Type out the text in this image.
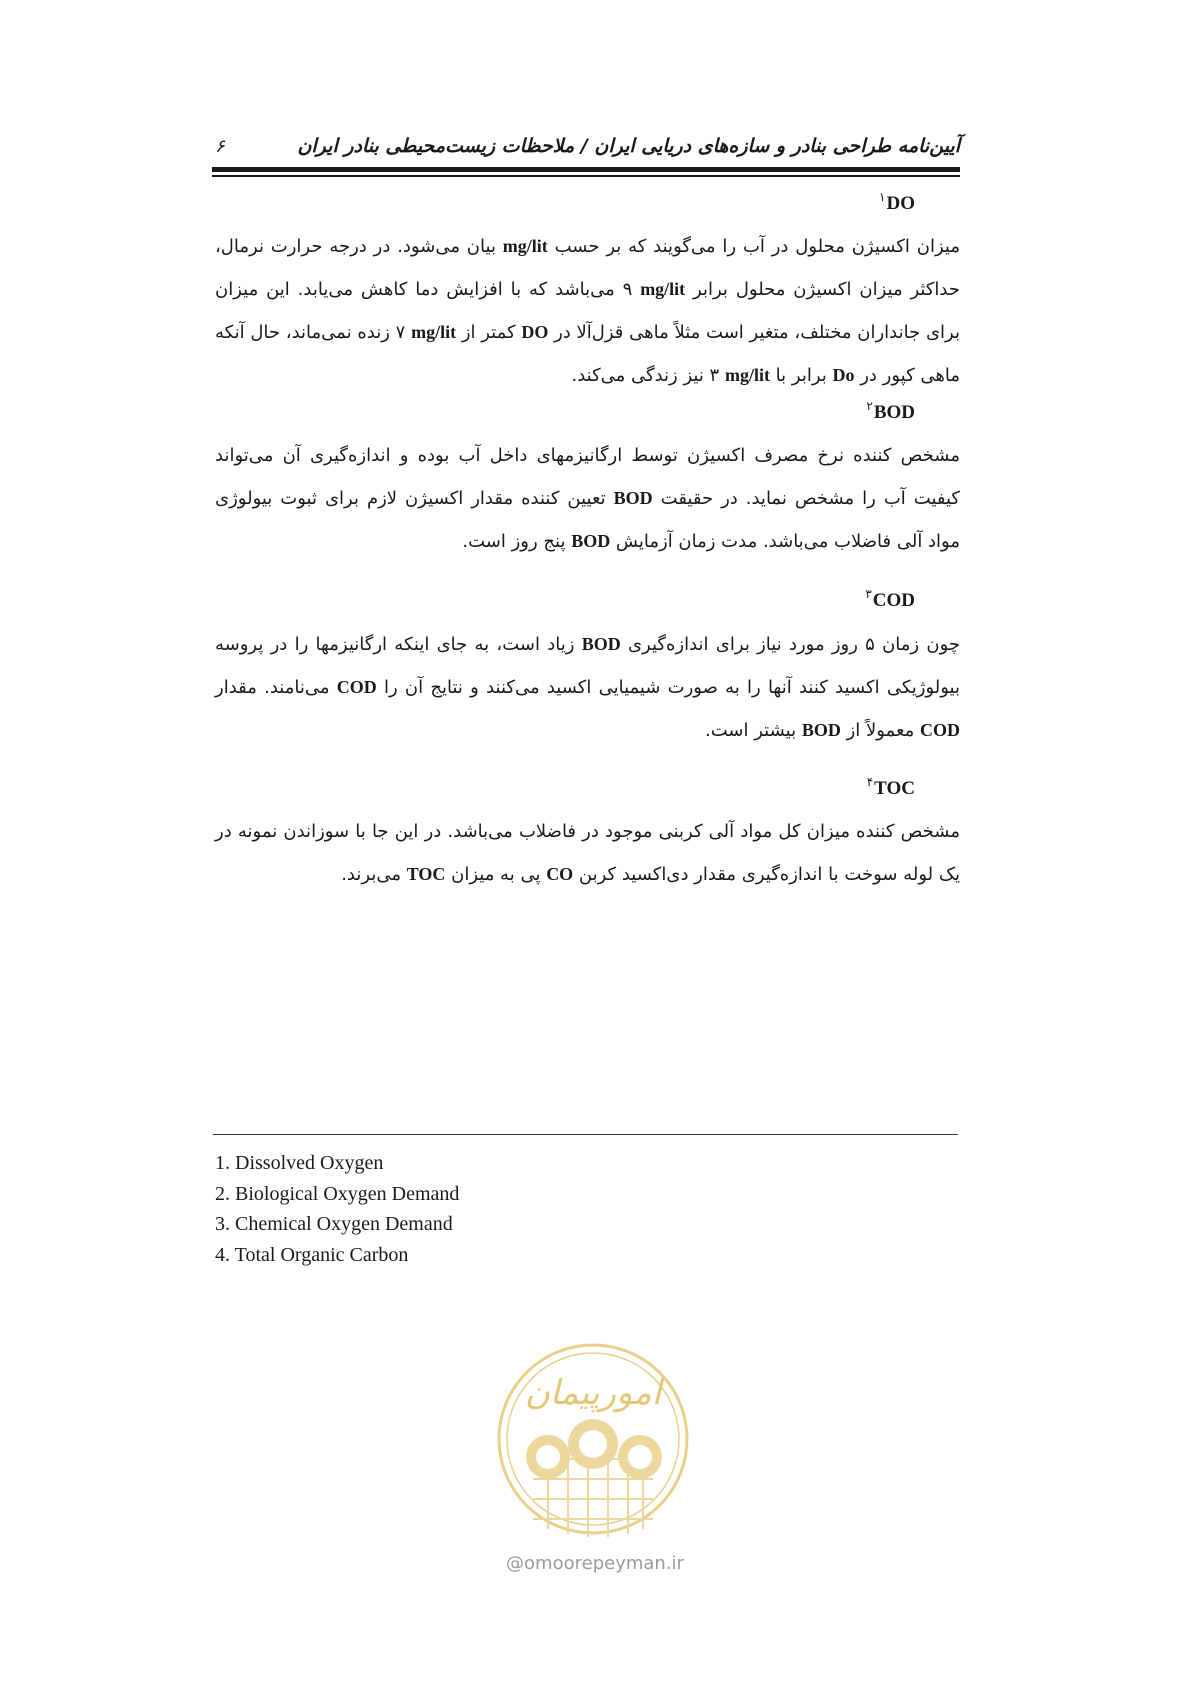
آیین‌نامه طراحی بنادر و سازه‌های دریایی ایران / ملاحظات زیست‌محیطی بنادر ایران
۶
$^۱$DO
میزان اکسیژن محلول در آب را می‌گویند که بر حسب mg/lit بیان می‌شود. در درجه حرارت نرمال، حداکثر میزان اکسیژن محلول برابر mg/lit ۹ می‌باشد که با افزایش دما کاهش می‌یابد. این میزان برای جانداران مختلف، متغیر است مثلاً ماهی قزل‌آلا در DO کمتر از mg/lit ۷ زنده نمی‌ماند، حال آنکه ماهی کپور در Do برابر با mg/lit ۳ نیز زندگی می‌کند.
$^۲$BOD
مشخص کننده نرخ مصرف اکسیژن توسط ارگانیزمهای داخل آب بوده و اندازه‌گیری آن می‌تواند کیفیت آب را مشخص نماید. در حقیقت BOD تعیین کننده مقدار اکسیژن لازم برای ثبوت بیولوژی مواد آلی فاضلاب می‌باشد. مدت زمان آزمایش BOD پنج روز است.
$^۳$COD
چون زمان ۵ روز مورد نیاز برای اندازه‌گیری BOD زیاد است، به جای اینکه ارگانیزمها را در پروسه بیولوژیکی اکسید کنند آنها را به صورت شیمیایی اکسید می‌کنند و نتایج آن را COD می‌نامند. مقدار COD معمولاً از BOD بیشتر است.
$^۴$TOC
مشخص کننده میزان کل مواد آلی کربنی موجود در فاضلاب می‌باشد. در این جا با سوزاندن نمونه در یک لوله سوخت با اندازه‌گیری مقدار دی‌اکسید کربن CO پی به میزان TOC می‌برند.
1. Dissolved Oxygen
2. Biological Oxygen Demand
3. Chemical Oxygen Demand
4. Total Organic Carbon
امورپیمان
@omoorepeyman.ir
